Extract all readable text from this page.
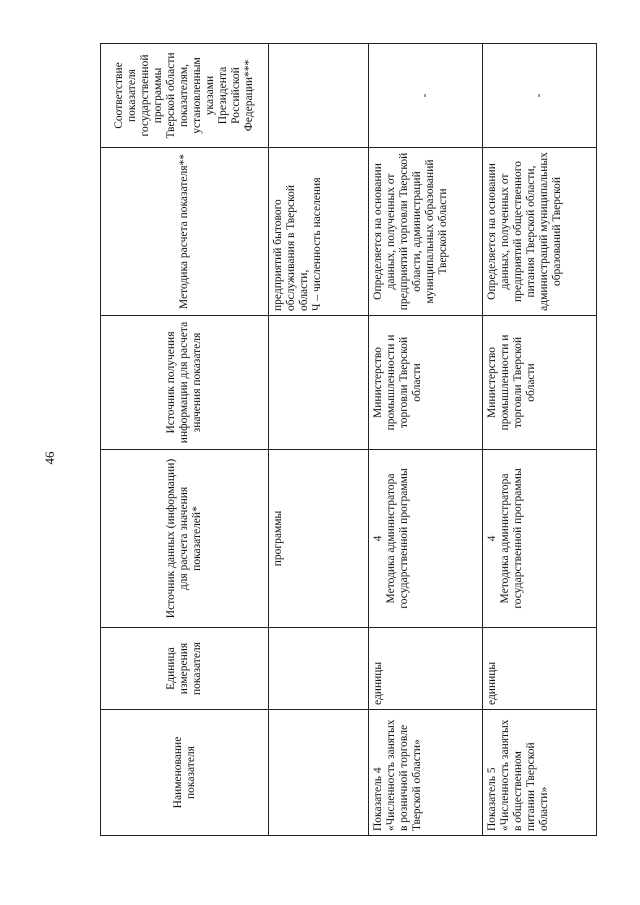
46
Наименование показателя	Единица измерения показателя	Источник данных (информации) для расчета значения показателей*	Источник получения информации для расчета значения показателя	Методика расчета показателя**	Соответствие показателя государственной программы Тверской области показателям, установленным указами Президента Российской Федерации***
		программы		предприятий бытового обслуживания в Тверской области, Ч – численность населения	

Показатель 4 «Численность занятых в розничной торговле Тверской области»	единицы	4 Методика администратора государственной программы	Министерство промышленности и торговли Тверской области	Определяется на основании данных, полученных от предприятий торговли Тверской области, администраций муниципальных образований Тверской области	-
Показатель 5 «Численность занятых в общественном питании Тверской области»	единицы	4 Методика администратора государственной программы	Министерство промышленности и торговли Тверской области	Определяется на основании данных, полученных от предприятий общественного питания Тверской области, администраций муниципальных образований Тверской	-
